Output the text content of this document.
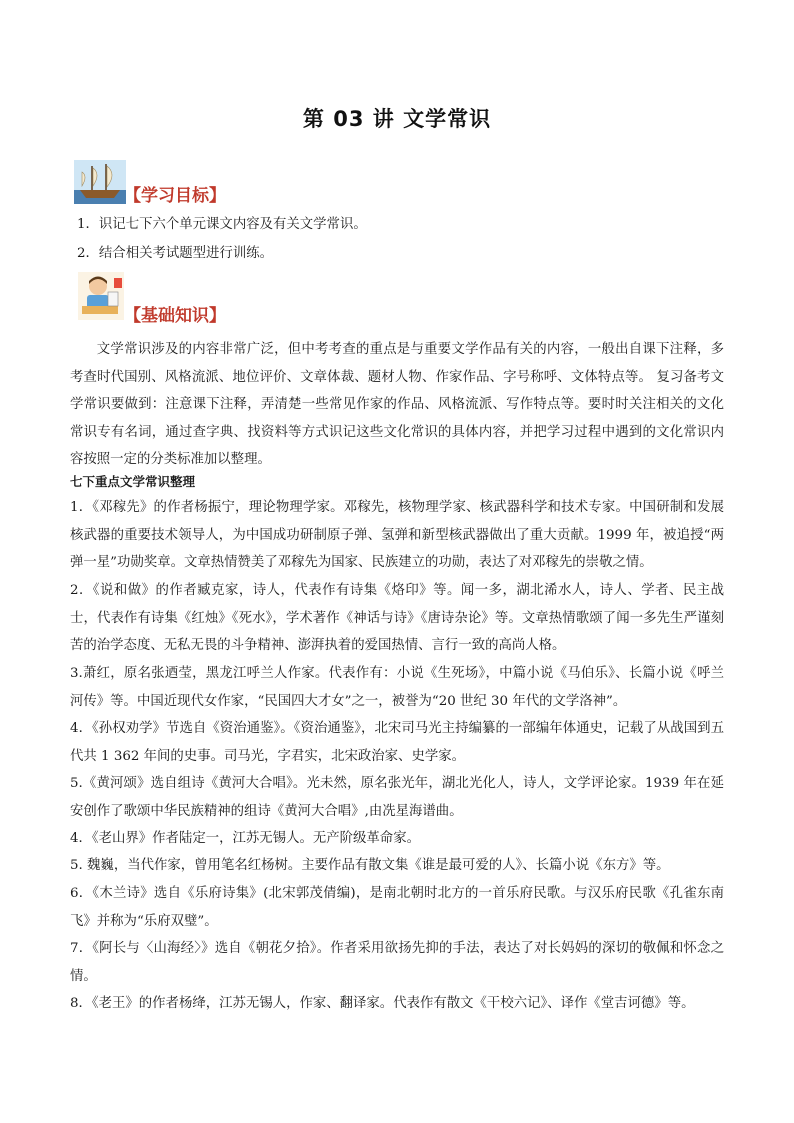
第 03 讲 文学常识
【学习目标】
1．识记七下六个单元课文内容及有关文学常识。
2．结合相关考试题型进行训练。
【基础知识】
文学常识涉及的内容非常广泛，但中考考查的重点是与重要文学作品有关的内容，一般出自课下注释，多考查时代国别、风格流派、地位评价、文章体裁、题材人物、作家作品、字号称呼、文体特点等。 复习备考文学常识要做到：注意课下注释，弄清楚一些常见作家的作品、风格流派、写作特点等。要时时关注相关的文化常识专有名词，通过查字典、找资料等方式识记这些文化常识的具体内容，并把学习过程中遇到的文化常识内容按照一定的分类标准加以整理。
七下重点文学常识整理
1．《邓稼先》的作者杨振宁，理论物理学家。邓稼先，核物理学家、核武器科学和技术专家。中国研制和发展核武器的重要技术领导人，为中国成功研制原子弹、氢弹和新型核武器做出了重大贡献。1999 年，被追授“两弹一星”功勋奖章。文章热情赞美了邓稼先为国家、民族建立的功勋，表达了对邓稼先的崇敬之情。
2．《说和做》的作者臧克家，诗人，代表作有诗集《烙印》等。闻一多，湖北浠水人，诗人、学者、民主战士，代表作有诗集《红烛》《死水》，学术著作《神话与诗》《唐诗杂论》等。文章热情歌颂了闻一多先生严谨刻苦的治学态度、无私无畏的斗争精神、澎湃执着的爱国热情、言行一致的高尚人格。
3.萧红，原名张迺莹，黑龙江呼兰人作家。代表作有：小说《生死场》，中篇小说《马伯乐》、长篇小说《呼兰河传》等。中国近现代女作家，“民国四大才女”之一，被誉为“20 世纪 30 年代的文学洛神”。
4．《孙权劝学》节选自《资治通鉴》。《资治通鉴》，北宋司马光主持编纂的一部编年体通史，记载了从战国到五代共 1 362 年间的史事。司马光，字君实，北宋政治家、史学家。
5.《黄河颂》选自组诗《黄河大合唱》。光未然，原名张光年，湖北光化人，诗人，文学评论家。1939 年在延安创作了歌颂中华民族精神的组诗《黄河大合唱》,由冼星海谱曲。
4．《老山界》作者陆定一，江苏无锡人。无产阶级革命家。
5. 魏巍，当代作家，曾用笔名红杨树。主要作品有散文集《谁是最可爱的人》、长篇小说《东方》等。
6．《木兰诗》选自《乐府诗集》(北宋郭茂倩编)，是南北朝时北方的一首乐府民歌。与汉乐府民歌《孔雀东南飞》并称为“乐府双璧”。
7．《阿长与〈山海经〉》选自《朝花夕拾》。作者采用欲扬先抑的手法，表达了对长妈妈的深切的敬佩和怀念之情。
8．《老王》的作者杨绛，江苏无锡人，作家、翻译家。代表作有散文《干校六记》、译作《堂吉诃德》等。
